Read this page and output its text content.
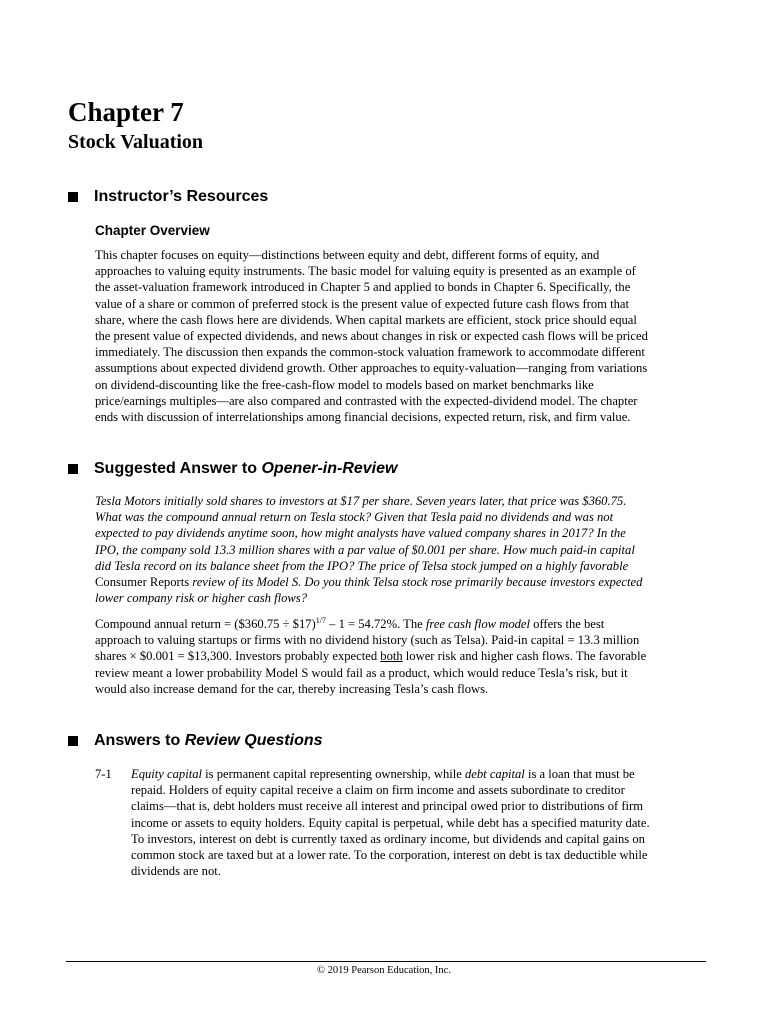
Chapter 7
Stock Valuation
Instructor’s Resources
Chapter Overview
This chapter focuses on equity—distinctions between equity and debt, different forms of equity, and
approaches to valuing equity instruments. The basic model for valuing equity is presented as an example of
the asset-valuation framework introduced in Chapter 5 and applied to bonds in Chapter 6. Specifically, the
value of a share or common of preferred stock is the present value of expected future cash flows from that
share, where the cash flows here are dividends. When capital markets are efficient, stock price should equal
the present value of expected dividends, and news about changes in risk or expected cash flows will be priced
immediately. The discussion then expands the common-stock valuation framework to accommodate different
assumptions about expected dividend growth. Other approaches to equity-valuation—ranging from variations
on dividend-discounting like the free-cash-flow model to models based on market benchmarks like
price/earnings multiples—are also compared and contrasted with the expected-dividend model. The chapter
ends with discussion of interrelationships among financial decisions, expected return, risk, and firm value.
Suggested Answer to Opener-in-Review
Tesla Motors initially sold shares to investors at $17 per share. Seven years later, that price was $360.75.
What was the compound annual return on Tesla stock? Given that Tesla paid no dividends and was not
expected to pay dividends anytime soon, how might analysts have valued company shares in 2017? In the
IPO, the company sold 13.3 million shares with a par value of $0.001 per share. How much paid-in capital
did Tesla record on its balance sheet from the IPO? The price of Telsa stock jumped on a highly favorable
Consumer Reports review of its Model S. Do you think Telsa stock rose primarily because investors expected
lower company risk or higher cash flows?
Compound annual return = ($360.75 ÷ $17)$^{1/7}$ – 1 = 54.72%. The free cash flow model offers the best
approach to valuing startups or firms with no dividend history (such as Telsa). Paid-in capital = 13.3 million
shares × $0.001 = $13,300. Investors probably expected both lower risk and higher cash flows. The favorable
review meant a lower probability Model S would fail as a product, which would reduce Tesla’s risk, but it
would also increase demand for the car, thereby increasing Tesla’s cash flows.
Answers to Review Questions
7-1 Equity capital is permanent capital representing ownership, while debt capital is a loan that must be
repaid. Holders of equity capital receive a claim on firm income and assets subordinate to creditor
claims—that is, debt holders must receive all interest and principal owed prior to distributions of firm
income or assets to equity holders. Equity capital is perpetual, while debt has a specified maturity date.
To investors, interest on debt is currently taxed as ordinary income, but dividends and capital gains on
common stock are taxed but at a lower rate. To the corporation, interest on debt is tax deductible while
dividends are not.
© 2019 Pearson Education, Inc.
